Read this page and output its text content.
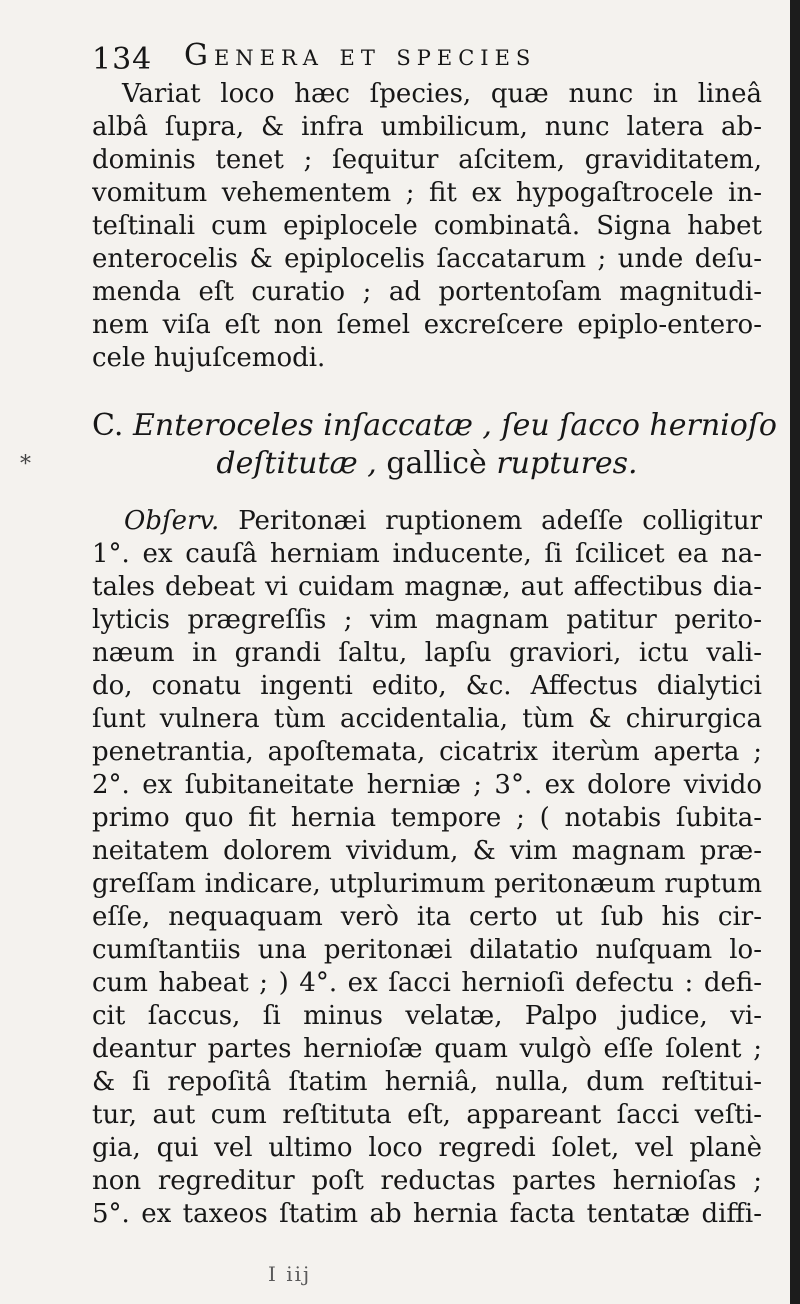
134 Genera et species
Variat loco hæc ſpecies, quæ nunc in lineâ
albâ ſupra, & infra umbilicum, nunc latera ab-
dominis tenet ; ſequitur aſcitem, graviditatem,
vomitum vehementem ; fit ex hypogaſtrocele in-
teſtinali cum epiplocele combinatâ. Signa habet
enterocelis & epiplocelis ſaccatarum ; unde deſu-
menda eſt curatio ; ad portentoſam magnitudi-
nem viſa eſt non ſemel excreſcere epiplo-entero-
cele hujuſcemodi.
*
C. Enteroceles inſaccatæ , ſeu ſacco hernioſo
deſtitutæ , gallicè ruptures.
Obſerv. Peritonæi ruptionem adeſſe colligitur
1°. ex cauſâ herniam inducente, ſi ſcilicet ea na-
tales debeat vi cuidam magnæ, aut affectibus dia-
lyticis prægreſſis ; vim magnam patitur perito-
næum in grandi ſaltu, lapſu graviori, ictu vali-
do, conatu ingenti edito, &c. Affectus dialytici
ſunt vulnera tùm accidentalia, tùm & chirurgica
penetrantia, apoſtemata, cicatrix iterùm aperta ;
2°. ex ſubitaneitate herniæ ; 3°. ex dolore vivido
primo quo fit hernia tempore ; ( notabis ſubita-
neitatem dolorem vividum, & vim magnam præ-
greſſam indicare, utplurimum peritonæum ruptum
eſſe, nequaquam verò ita certo ut ſub his cir-
cumſtantiis una peritonæi dilatatio nuſquam lo-
cum habeat ; ) 4°. ex ſacci hernioſi defectu : defi-
cit ſaccus, ſi minus velatæ, Palpo judice, vi-
deantur partes hernioſæ quam vulgò eſſe ſolent ;
& ſi repoſitâ ſtatim herniâ, nulla, dum reſtitui-
tur, aut cum reſtituta eſt, appareant ſacci veſti-
gia, qui vel ultimo loco regredi ſolet, vel planè
non regreditur poſt reductas partes hernioſas ;
5°. ex taxeos ſtatim ab hernia facta tentatæ diffi-
I iij
